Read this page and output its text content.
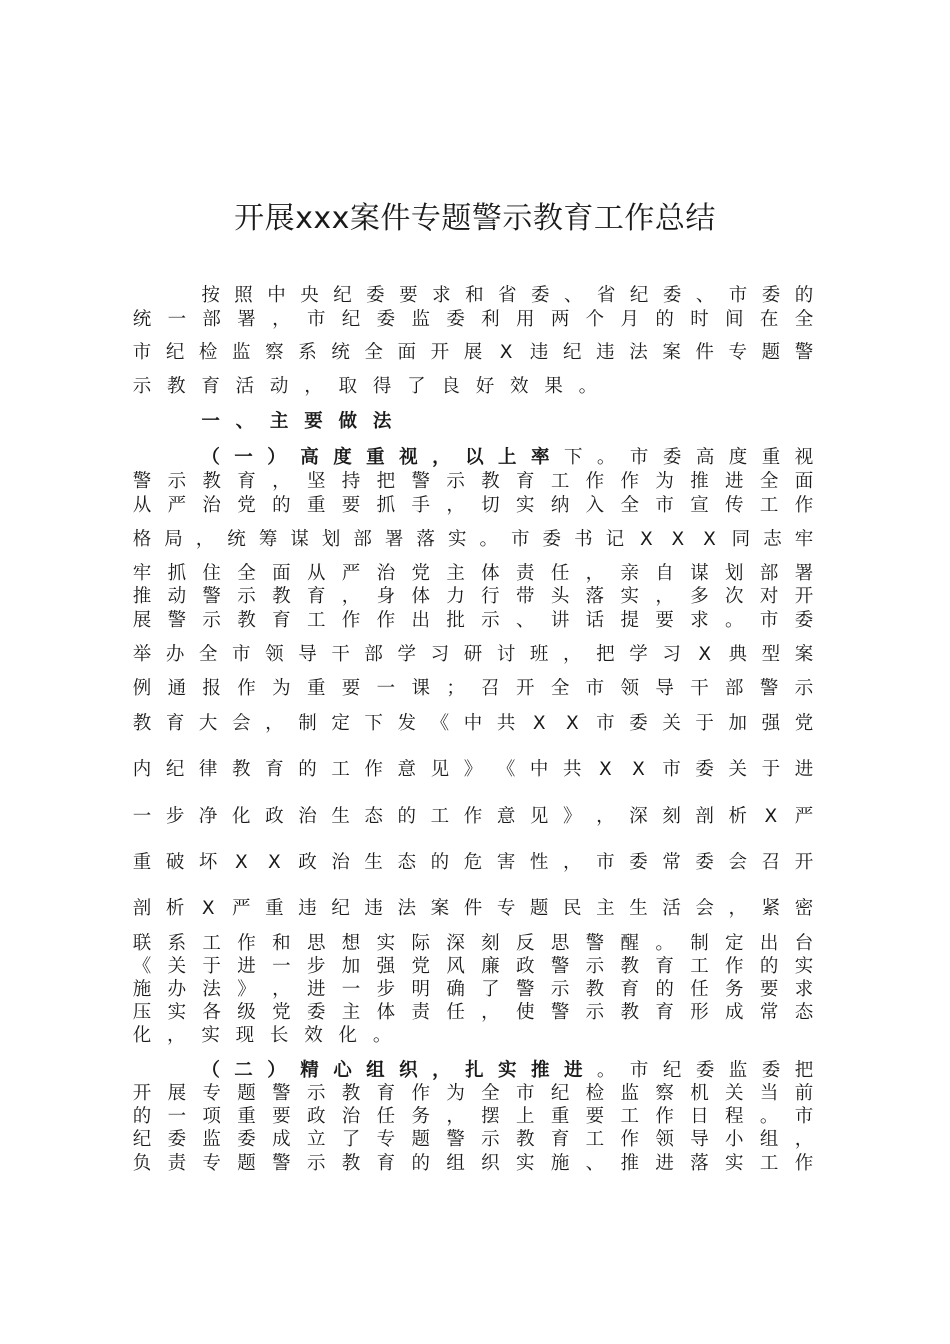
开展xxx案件专题警示教育工作总结
按 照 中 央 纪 委 要 求 和 省 委 、 省 纪 委 、 市 委 的
统 一 部 署 ， 市 纪 委 监 委 利 用 两 个 月 的 时 间 在 全
市 纪 检 监 察 系 统 全 面 开 展 X 违 纪 违 法 案 件 专 题 警
示 教 育 活 动 ， 取 得 了 良 好 效 果 。
一 、 主 要 做 法
（ 一 ） 高 度 重 视 ， 以 上 率 下 。 市 委 高 度 重 视
警 示 教 育 ， 坚 持 把 警 示 教 育 工 作 作 为 推 进 全 面
从 严 治 党 的 重 要 抓 手 ， 切 实 纳 入 全 市 宣 传 工 作
格 局 ， 统 筹 谋 划 部 署 落 实 。 市 委 书 记 X	X	X 同 志 牢
牢 抓 住 全 面 从 严 治 党 主 体 责 任 ， 亲 自 谋 划 部 署
推 动 警 示 教 育 ， 身 体 力 行 带 头 落 实 ， 多 次 对 开
展 警 示 教 育 工 作 作 出 批 示 、 讲 话 提 要 求 。 市 委
举 办 全 市 领 导 干 部 学 习 研 讨 班 ， 把 学 习 X 典 型 案
例 通 报 作 为 重 要 一 课 ； 召 开 全 市 领 导 干 部 警 示
教 育 大 会 ， 制 定 下 发 《 中 共 X	X 市 委 关 于 加 强 党
内 纪 律 教 育 的 工 作 意 见 》 《 中 共 X	X 市 委 关 于 进
一 步 净 化 政 治 生 态 的 工 作 意 见 》 ， 深 刻 剖 析 X 严
重 破 坏 X	X 政 治 生 态 的 危 害 性 ， 市 委 常 委 会 召 开
剖 析 X 严 重 违 纪 违 法 案 件 专 题 民 主 生 活 会 ， 紧 密
联 系 工 作 和 思 想 实 际 深 刻 反 思 警 醒 。 制 定 出 台
《 关 于 进 一 步 加 强 党 风 廉 政 警 示 教 育 工 作 的 实
施 办 法 》 ， 进 一 步 明 确 了 警 示 教 育 的 任 务 要 求
压 实 各 级 党 委 主 体 责 任 ， 使 警 示 教 育 形 成 常 态
化 ， 实 现 长 效 化 。
（ 二 ） 精 心 组 织 ， 扎 实 推 进 。 市 纪 委 监 委 把
开 展 专 题 警 示 教 育 作 为 全 市 纪 检 监 察 机 关 当 前
的 一 项 重 要 政 治 任 务 ， 摆 上 重 要 工 作 日 程 。 市
纪 委 监 委 成 立 了 专 题 警 示 教 育 工 作 领 导 小 组 ，
负 责 专 题 警 示 教 育 的 组 织 实 施 、 推 进 落 实 工 作
